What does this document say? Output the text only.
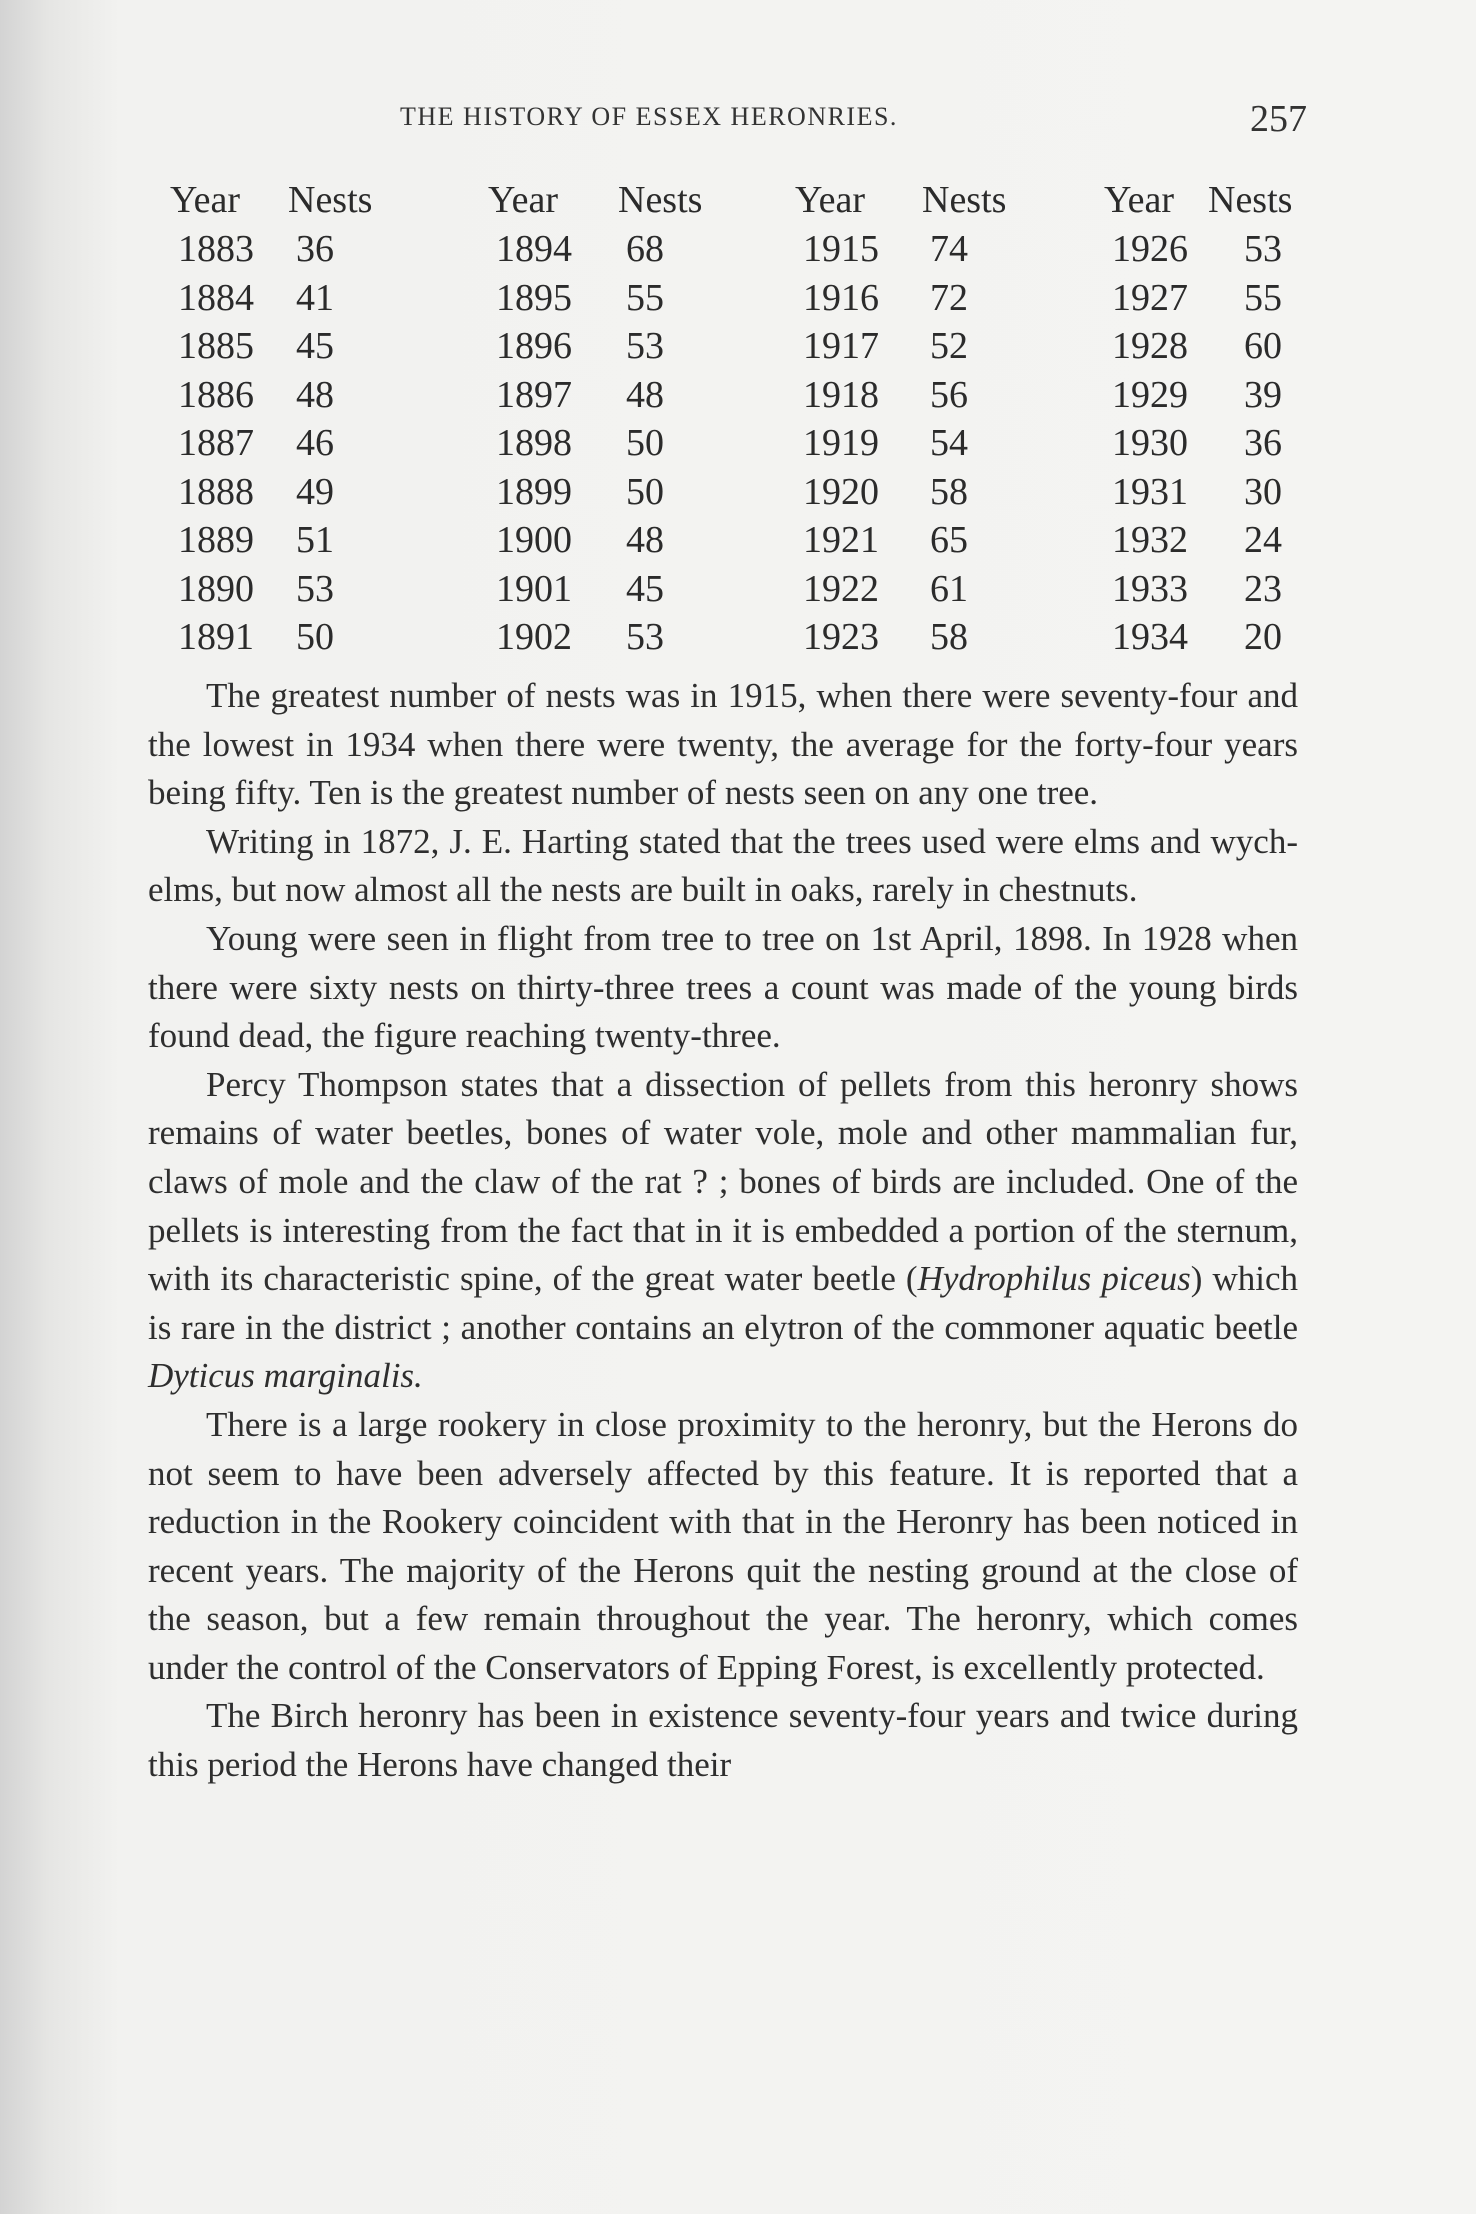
THE HISTORY OF ESSEX HERONRIES.	257
Year Nests
1883 36
1884 41
1885 45
1886 48
1887 46
1888 49
1889 51
1890 53
1891 50
Year Nests
1894 68
1895 55
1896 53
1897 48
1898 50
1899 50
1900 48
1901 45
1902 53
Year Nests
1915 74
1916 72
1917 52
1918 56
1919 54
1920 58
1921 65
1922 61
1923 58
Year Nests
1926 53
1927 55
1928 60
1929 39
1930 36
1931 30
1932 24
1933 23
1934 20

The greatest number of nests was in 1915, when there were seventy-four and the lowest in 1934 when there were twenty, the average for the forty-four years being fifty. Ten is the greatest number of nests seen on any one tree.

Writing in 1872, J. E. Harting stated that the trees used were elms and wych-elms, but now almost all the nests are built in oaks, rarely in chestnuts.

Young were seen in flight from tree to tree on 1st April, 1898. In 1928 when there were sixty nests on thirty-three trees a count was made of the young birds found dead, the figure reaching twenty-three.

Percy Thompson states that a dissection of pellets from this heronry shows remains of water beetles, bones of water vole, mole and other mammalian fur, claws of mole and the claw of the rat ? ; bones of birds are included. One of the pellets is interesting from the fact that in it is embedded a portion of the sternum, with its characteristic spine, of the great water beetle (Hydrophilus piceus) which is rare in the district ; another contains an elytron of the commoner aquatic beetle Dyticus marginalis.

There is a large rookery in close proximity to the heronry, but the Herons do not seem to have been adversely affected by this feature. It is reported that a reduction in the Rookery coincident with that in the Heronry has been noticed in recent years. The majority of the Herons quit the nesting ground at the close of the season, but a few remain throughout the year. The heronry, which comes under the control of the Conservators of Epping Forest, is excellently protected.

The Birch heronry has been in existence seventy-four years and twice during this period the Herons have changed their
